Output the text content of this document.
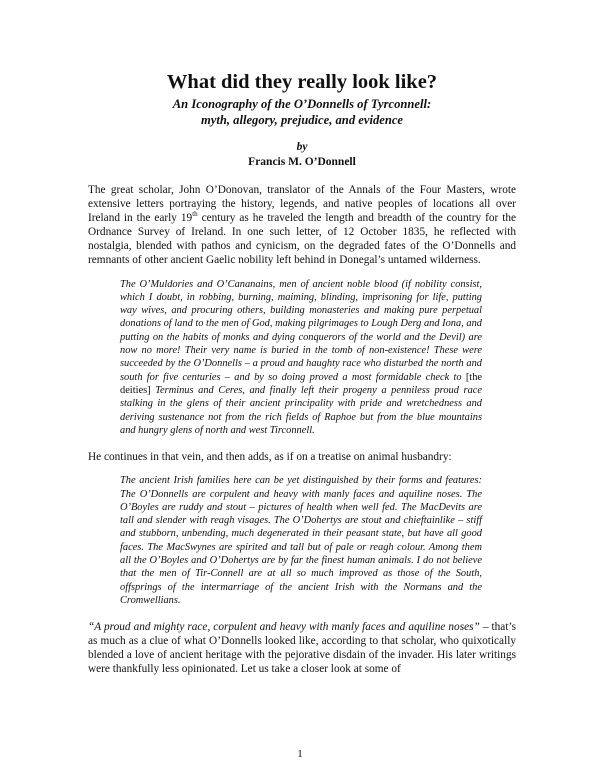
What did they really look like?
An Iconography of the O’Donnells of Tyrconnell:
myth, allegory, prejudice, and evidence
by
Francis M. O’Donnell

The great scholar, John O’Donovan, translator of the Annals of the Four Masters, wrote extensive letters portraying the history, legends, and native peoples of locations all over Ireland in the early 19th century as he traveled the length and breadth of the country for the Ordnance Survey of Ireland. In one such letter, of 12 October 1835, he reflected with nostalgia, blended with pathos and cynicism, on the degraded fates of the O’Donnells and remnants of other ancient Gaelic nobility left behind in Donegal’s untamed wilderness.

The O’Muldories and O’Cananains, men of ancient noble blood (if nobility consist, which I doubt, in robbing, burning, maiming, blinding, imprisoning for life, putting way wives, and procuring others, building monasteries and making pure perpetual donations of land to the men of God, making pilgrimages to Lough Derg and Iona, and putting on the habits of monks and dying conquerors of the world and the Devil) are now no more! Their very name is buried in the tomb of non-existence! These were succeeded by the O’Donnells – a proud and haughty race who disturbed the north and south for five centuries – and by so doing proved a most formidable check to [the deities] Terminus and Ceres, and finally left their progeny a penniless proud race stalking in the glens of their ancient principality with pride and wretchedness and deriving sustenance not from the rich fields of Raphoe but from the blue mountains and hungry glens of north and west Tirconnell.

He continues in that vein, and then adds, as if on a treatise on animal husbandry:

The ancient Irish families here can be yet distinguished by their forms and features: The O’Donnells are corpulent and heavy with manly faces and aquiline noses. The O’Boyles are ruddy and stout – pictures of health when well fed. The MacDevits are tall and slender with reagh visages. The O’Dohertys are stout and chieftainlike – stiff and stubborn, unbending, much degenerated in their peasant state, but have all good faces. The MacSwynes are spirited and tall but of pale or reagh colour. Among them all the O’Boyles and O’Dohertys are by far the finest human animals. I do not believe that the men of Tir-Connell are at all so much improved as those of the South, offsprings of the intermarriage of the ancient Irish with the Normans and the Cromwellians.

“A proud and mighty race, corpulent and heavy with manly faces and aquiline noses” – that’s as much as a clue of what O’Donnells looked like, according to that scholar, who quixotically blended a love of ancient heritage with the pejorative disdain of the invader. His later writings were thankfully less opinionated. Let us take a closer look at some of

1
